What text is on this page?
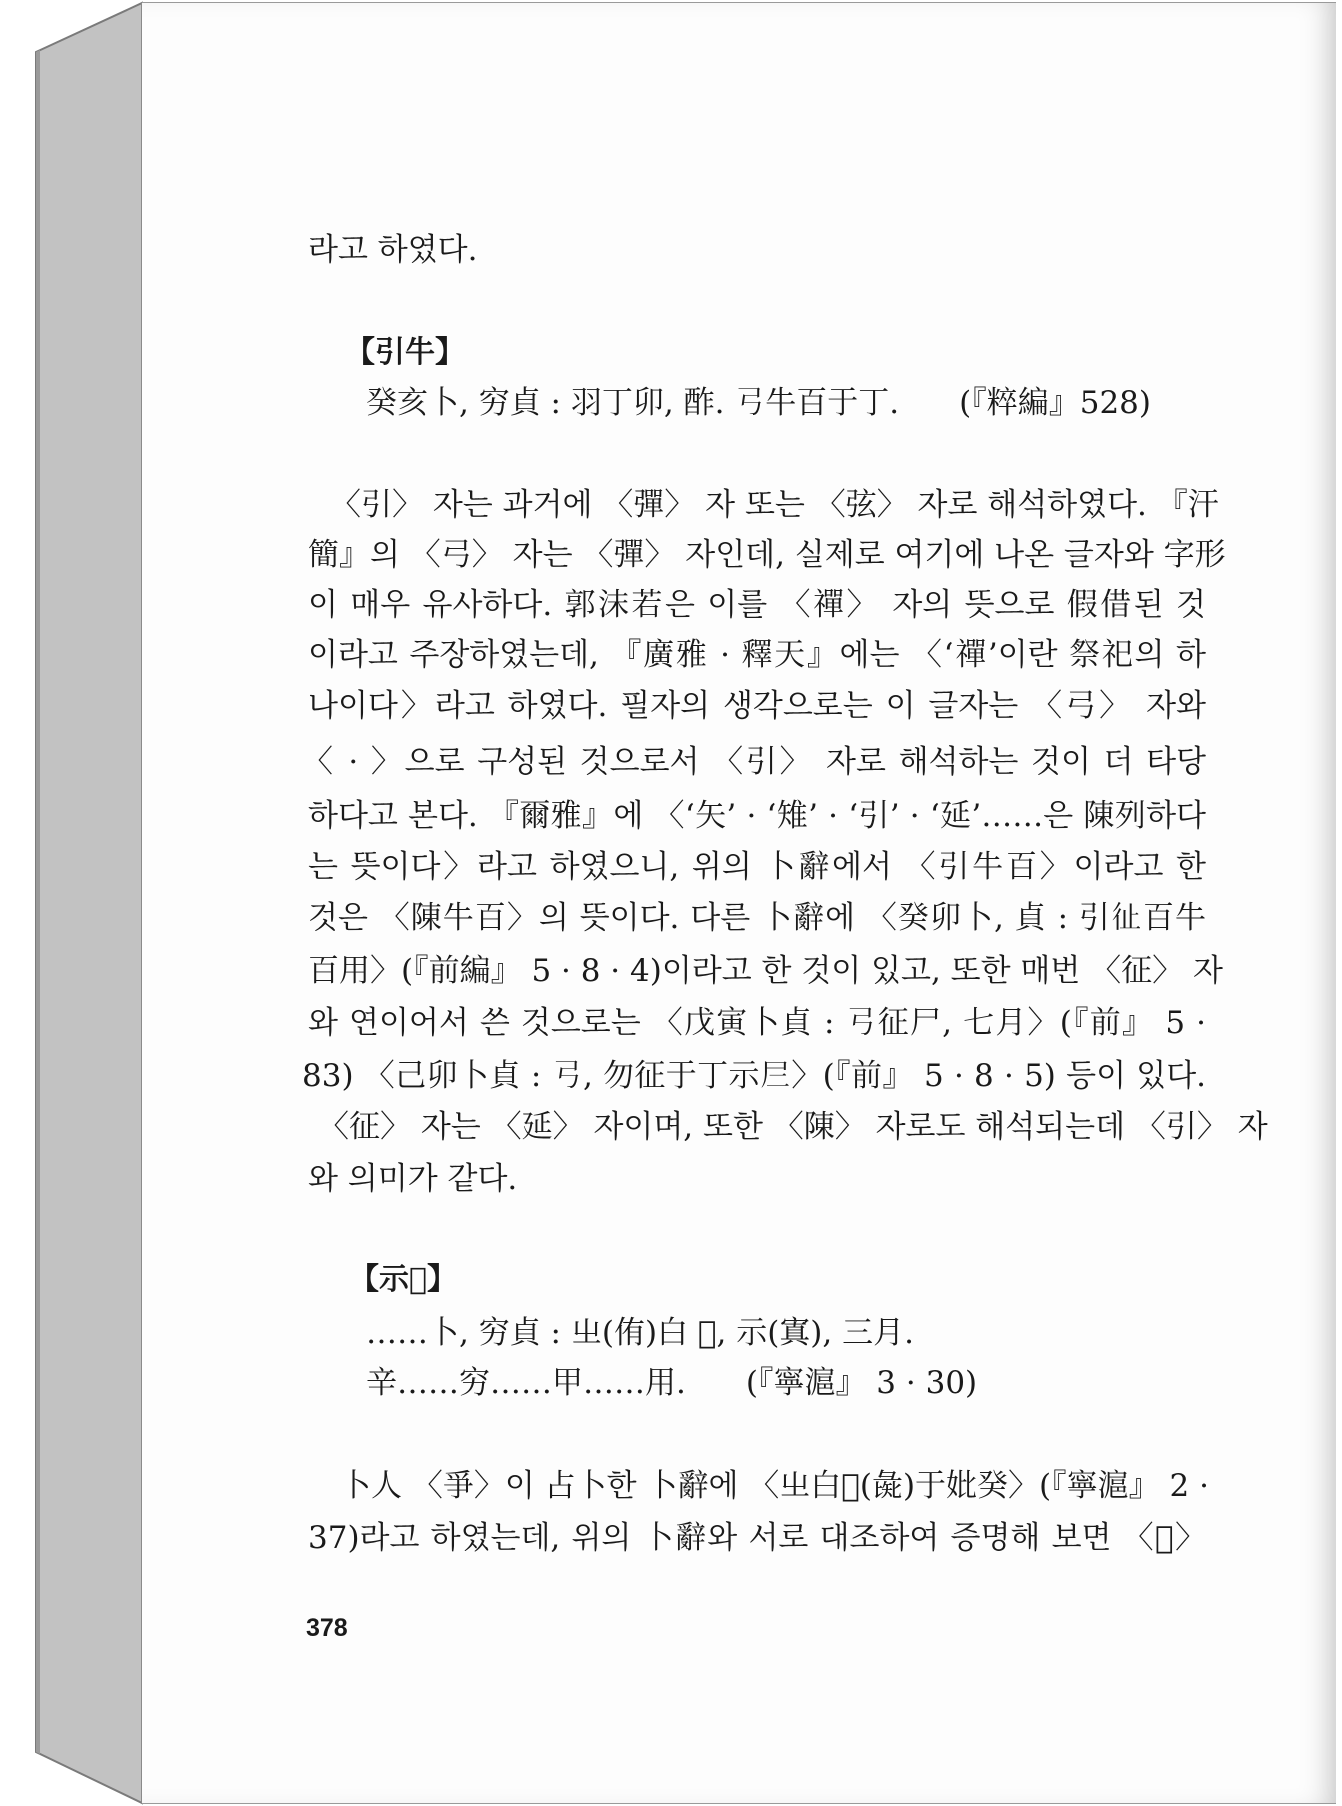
라고 하였다.
【引牛】
癸亥卜, 穷貞 : 羽丁卯, 酢. 𢎗牛百于丁. (『粹編』528)
〈引〉 자는 과거에 〈彈〉 자 또는 〈弦〉 자로 해석하였다. 『汗
簡』의 〈弓〉 자는 〈彈〉 자인데, 실제로 여기에 나온 글자와 字形
이 매우 유사하다. 郭沫若은 이를 〈禪〉 자의 뜻으로 假借된 것
이라고 주장하였는데, 『廣雅 · 釋天』에는 〈‘禪’이란 祭祀의 하
나이다〉라고 하였다. 필자의 생각으로는 이 글자는 〈弓〉 자와
〈 · 〉으로 구성된 것으로서 〈引〉 자로 해석하는 것이 더 타당
하다고 본다. 『爾雅』에 〈‘矢’ · ‘雉’ · ‘引’ · ‘延’……은 陳列하다
는 뜻이다〉라고 하였으니, 위의 卜辭에서 〈引牛百〉이라고 한
것은 〈陳牛百〉의 뜻이다. 다른 卜辭에 〈癸卯卜, 貞 : 引𢓊百牛
百用〉(『前編』 5 · 8 · 4)이라고 한 것이 있고, 또한 매번 〈征〉 자
와 연이어서 쓴 것으로는 〈戊寅卜貞 : 𢎗征尸, 七月〉(『前』 5 ·
83) 〈己卯卜貞 : 𢎗, 勿征于丁示𡰥〉(『前』 5 · 8 · 5) 등이 있다.
〈征〉 자는 〈延〉 자이며, 또한 〈陳〉 자로도 해석되는데 〈引〉 자
와 의미가 같다.
【示𠂬】
……卜, 穷貞 : 㞢(侑)白 𠂬, 示(寘), 三月.
辛……穷……甲……用. (『寧滬』 3 · 30)
卜人 〈爭〉이 占卜한 卜辭에 〈㞢白𠂬(彘)于妣癸〉(『寧滬』 2 ·
37)라고 하였는데, 위의 卜辭와 서로 대조하여 증명해 보면 〈𠂬〉
378
